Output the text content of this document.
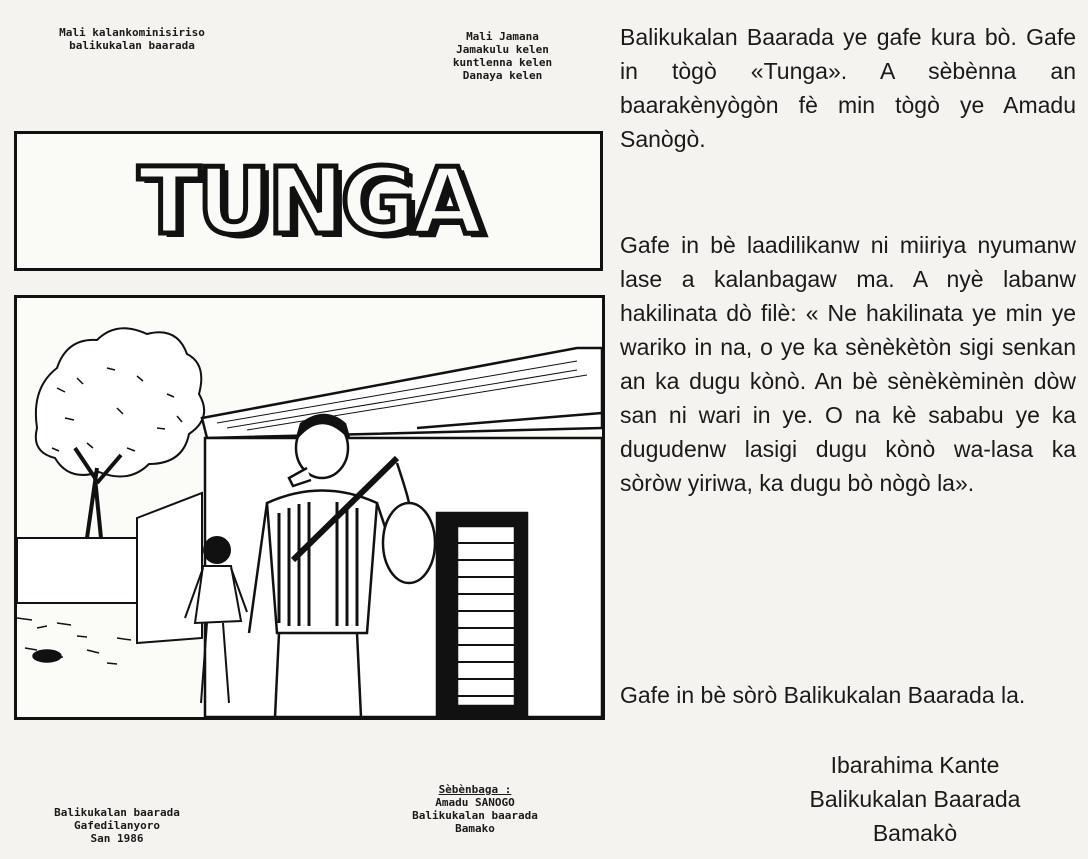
Mali kalankominisiriso
balikukalan baarada
Mali Jamana
Jamakulu kelen
kuntlenna kelen
Danaya kelen
TUNGA
Balikukalan baarada
Gafedilanyoro
San 1986
Sèbènbaga :
Amadu SANOGO
Balikukalan baarada
Bamako

Balikukalan Baarada ye gafe kura bò. Gafe in tògò «Tunga». A sèbènna an baarakènyògòn fè min tògò ye Amadu Sanògò.

Gafe in bè laadilikanw ni miiriya nyumanw lase a kalanbagaw ma. A nyè labanw hakilinata dò filè: « Ne hakilinata ye min ye wariko in na, o ye ka sènèkètòn sigi senkan an ka dugu kònò. An bè sènèkèminèn dòw san ni wari in ye. O na kè sababu ye ka dugudenw lasigi dugu kònò wa-lasa ka sòròw yiriwa, ka dugu bò nògò la».

Gafe in bè sòrò Balikukalan Baarada la.

Ibarahima Kante
Balikukalan Baarada
Bamakò
